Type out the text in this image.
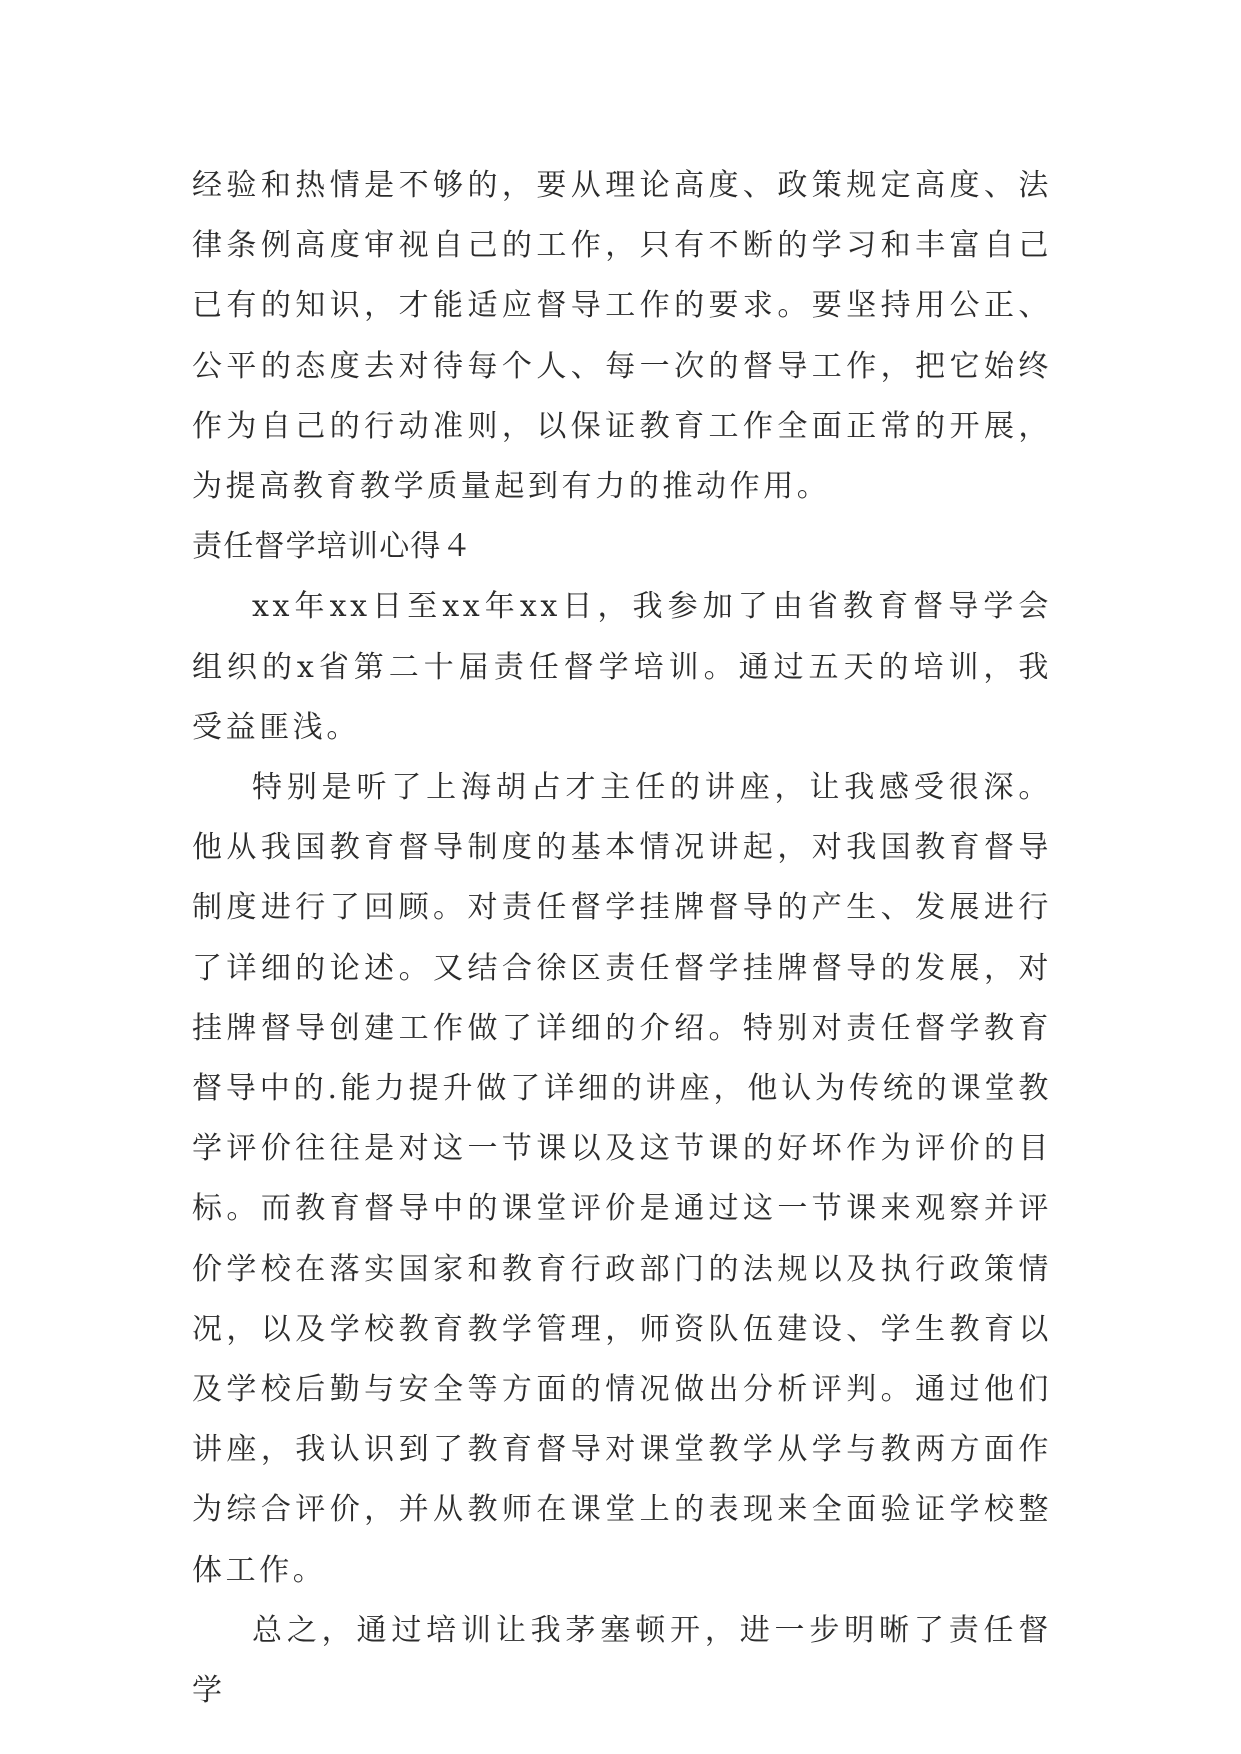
经验和热情是不够的，要从理论高度、政策规定高度、法律条例高度审视自己的工作，只有不断的学习和丰富自己已有的知识，才能适应督导工作的要求。要坚持用公正、公平的态度去对待每个人、每一次的督导工作，把它始终作为自己的行动准则，以保证教育工作全面正常的开展，为提高教育教学质量起到有力的推动作用。

责任督学培训心得４

xx年xx日至xx年xx日，我参加了由省教育督导学会组织的x省第二十届责任督学培训。通过五天的培训，我受益匪浅。

特别是听了上海胡占才主任的讲座，让我感受很深。他从我国教育督导制度的基本情况讲起，对我国教育督导制度进行了回顾。对责任督学挂牌督导的产生、发展进行了详细的论述。又结合徐区责任督学挂牌督导的发展，对挂牌督导创建工作做了详细的介绍。特别对责任督学教育督导中的.能力提升做了详细的讲座，他认为传统的课堂教学评价往往是对这一节课以及这节课的好坏作为评价的目标。而教育督导中的课堂评价是通过这一节课来观察并评价学校在落实国家和教育行政部门的法规以及执行政策情况，以及学校教育教学管理，师资队伍建设、学生教育以及学校后勤与安全等方面的情况做出分析评判。通过他们讲座，我认识到了教育督导对课堂教学从学与教两方面作为综合评价，并从教师在课堂上的表现来全面验证学校整体工作。

总之，通过培训让我茅塞顿开，进一步明晰了责任督学
